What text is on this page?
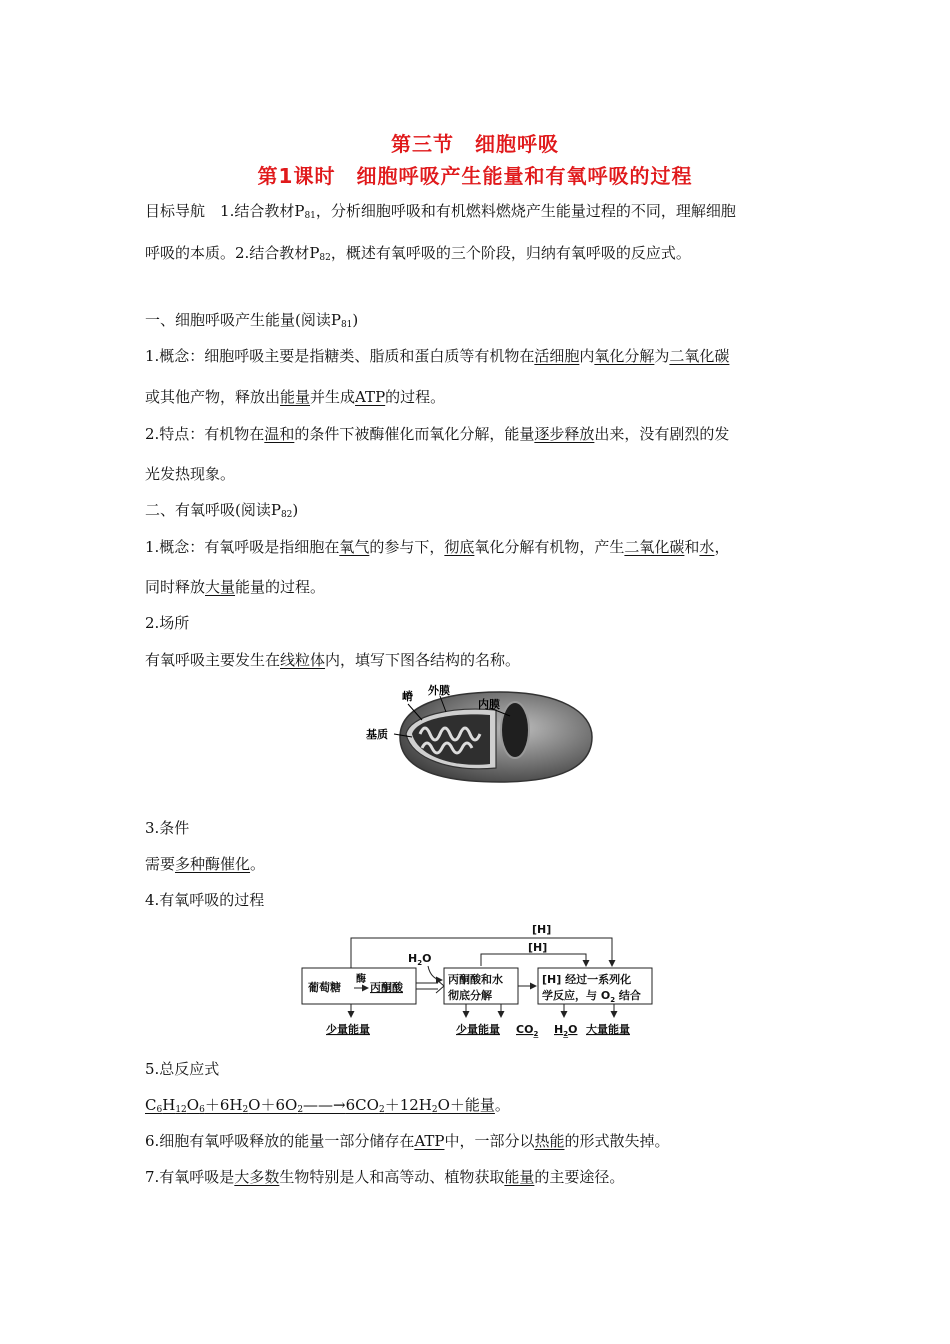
第三节　细胞呼吸
第1课时　细胞呼吸产生能量和有氧呼吸的过程
目标导航　 1.结合教材$P_{81}$，分析细胞呼吸和有机燃料燃烧产生能量过程的不同，理解细胞
呼吸的本质。2.结合教材$P_{82}$，概述有氧呼吸的三个阶段，归纳有氧呼吸的反应式。
一、细胞呼吸产生能量(阅读$P_{81}$)
1.概念：细胞呼吸主要是指糖类、脂质和蛋白质等有机物在活细胞内氧化分解为二氧化碳
或其他产物，释放出能量并生成ATP的过程。
2.特点：有机物在温和的条件下被酶催化而氧化分解，能量逐步释放出来，没有剧烈的发
光发热现象。
二、有氧呼吸(阅读$P_{82}$)
1.概念：有氧呼吸是指细胞在氧气的参与下，彻底氧化分解有机物，产生二氧化碳和水，
同时释放大量能量的过程。
2.场所
有氧呼吸主要发生在线粒体内，填写下图各结构的名称。
嵴 外膜
内膜
基质
3.条件
需要多种酶催化。
4.有氧呼吸的过程
[H]
[H]
$H_2O$
葡萄糖
酶
丙酮酸
丙酮酸和水
彻底分解
[H] 经过一系列化
学反应，与 $O_2$ 结合
少量能量	少量能量 $CO_2$ $H_2O$ 大量能量
5.总反应式
$C_6H_{12}O_6+6H_2O+6O_2——\to 6CO_2+12H_2O+$能量。
6.细胞有氧呼吸释放的能量一部分储存在ATP中，一部分以热能的形式散失掉。
7.有氧呼吸是大多数生物特别是人和高等动、植物获取能量的主要途径。
